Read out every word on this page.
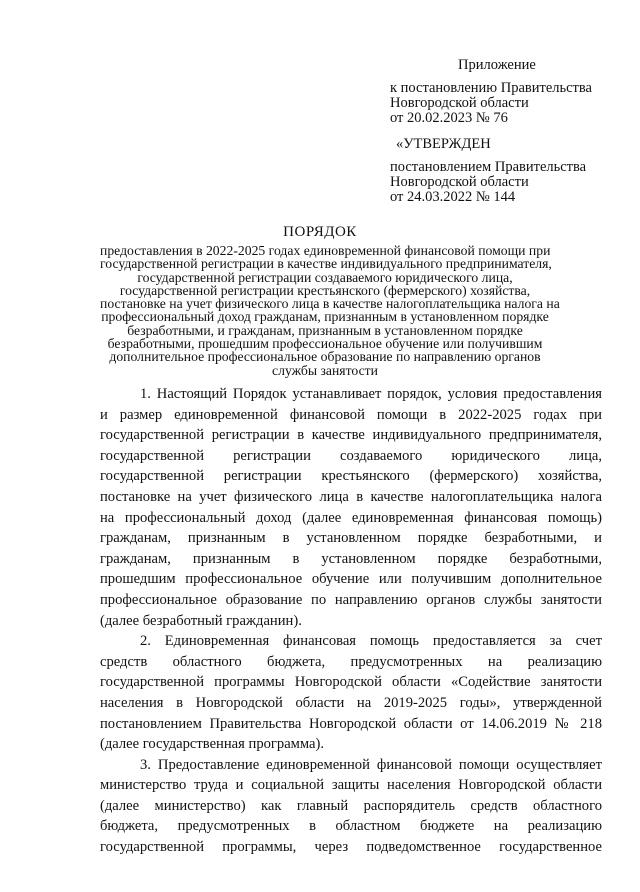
Приложение
к постановлению Правительства
Новгородской области
от 20.02.2023 № 76
«УТВЕРЖДЕН
постановлением Правительства
Новгородской области
от 24.03.2022 № 144
ПОРЯДОК
предоставления в 2022-2025 годах единовременной финансовой помощи при
государственной регистрации в качестве индивидуального предпринимателя,
государственной регистрации создаваемого юридического лица,
государственной регистрации крестьянского (фермерского) хозяйства,
постановке на учет физического лица в качестве налогоплательщика налога на
профессиональный доход гражданам, признанным в установленном порядке
безработными, и гражданам, признанным в установленном порядке
безработными, прошедшим профессиональное обучение или получившим
дополнительное профессиональное образование по направлению органов
службы занятости
1. Настоящий Порядок устанавливает порядок, условия предоставления
и размер единовременной финансовой помощи в 2022-2025 годах при
государственной регистрации в качестве индивидуального предпринимателя,
государственной регистрации создаваемого юридического лица,
государственной регистрации крестьянского (фермерского) хозяйства,
постановке на учет физического лица в качестве налогоплательщика налога
на профессиональный доход (далее единовременная финансовая помощь)
гражданам, признанным в установленном порядке безработными, и
гражданам, признанным в установленном порядке безработными,
прошедшим профессиональное обучение или получившим дополнительное
профессиональное образование по направлению органов службы занятости
(далее безработный гражданин).
2. Единовременная финансовая помощь предоставляется за счет
средств областного бюджета, предусмотренных на реализацию
государственной программы Новгородской области «Содействие занятости
населения в Новгородской области на 2019-2025 годы», утвержденной
постановлением Правительства Новгородской области от 14.06.2019 № 218
(далее государственная программа).
3. Предоставление единовременной финансовой помощи осуществляет
министерство труда и социальной защиты населения Новгородской области
(далее министерство) как главный распорядитель средств областного
бюджета, предусмотренных в областном бюджете на реализацию
государственной программы, через подведомственное государственное
